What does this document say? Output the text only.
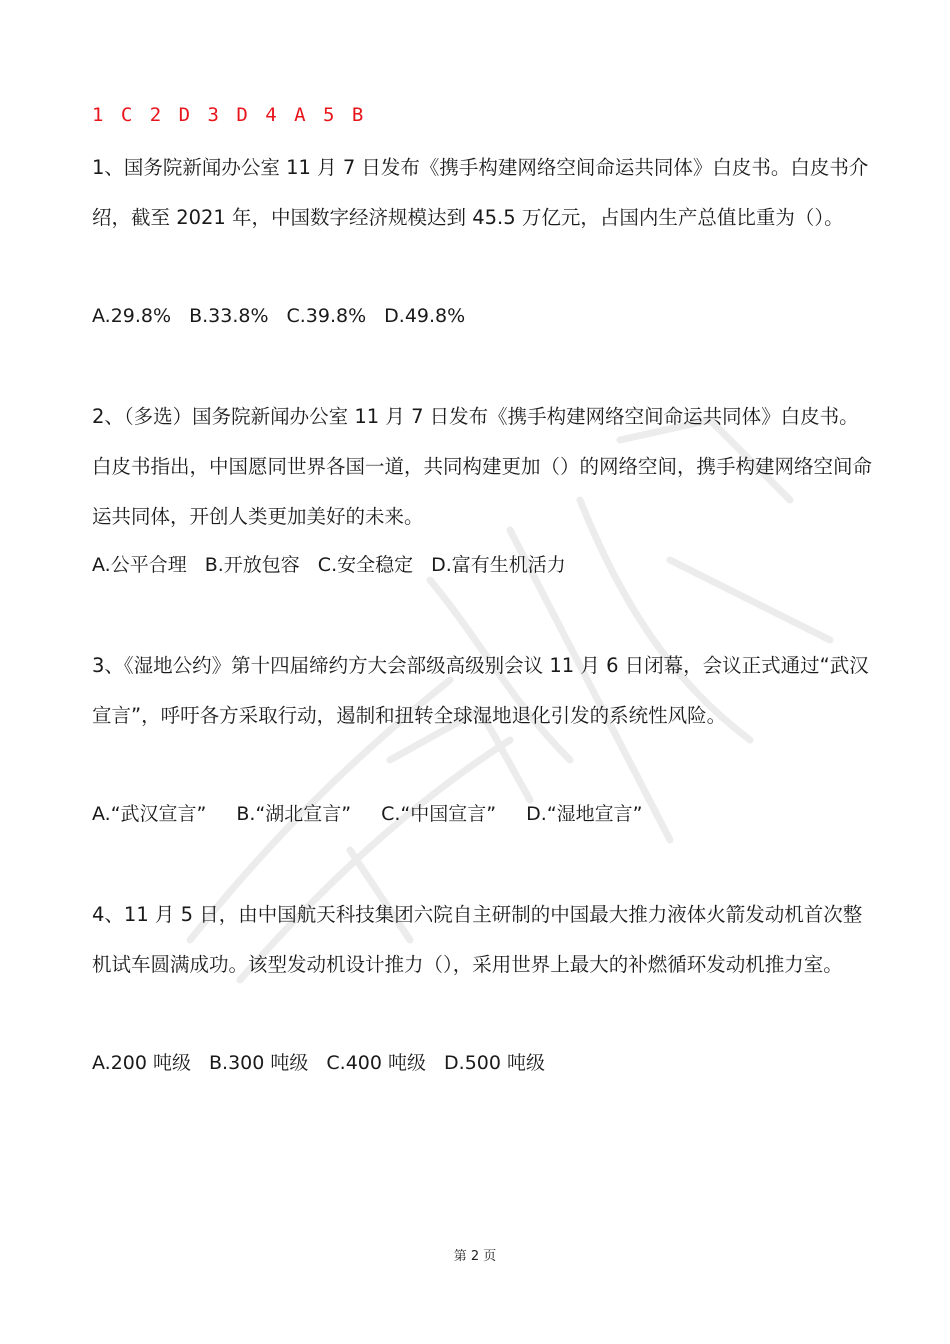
1 C 2 D 3 D 4 A 5 B

1、国务院新闻办公室 11 月 7 日发布《携手构建网络空间命运共同体》白皮书。白皮书介绍，截至 2021 年，中国数字经济规模达到 45.5 万亿元，占国内生产总值比重为（）。

A.29.8% B.33.8% C.39.8% D.49.8%

2、（多选）国务院新闻办公室 11 月 7 日发布《携手构建网络空间命运共同体》白皮书。白皮书指出，中国愿同世界各国一道，共同构建更加（）的网络空间，携手构建网络空间命运共同体，开创人类更加美好的未来。

A.公平合理 B.开放包容 C.安全稳定 D.富有生机活力

3、《湿地公约》第十四届缔约方大会部级高级别会议 11 月 6 日闭幕，会议正式通过“武汉宣言”，呼吁各方采取行动，遏制和扭转全球湿地退化引发的系统性风险。

A.“武汉宣言” B.“湖北宣言” C.“中国宣言” D.“湿地宣言”

4、11 月 5 日，由中国航天科技集团六院自主研制的中国最大推力液体火箭发动机首次整机试车圆满成功。该型发动机设计推力（），采用世界上最大的补燃循环发动机推力室。

A.200 吨级 B.300 吨级 C.400 吨级 D.500 吨级
第 2 页
